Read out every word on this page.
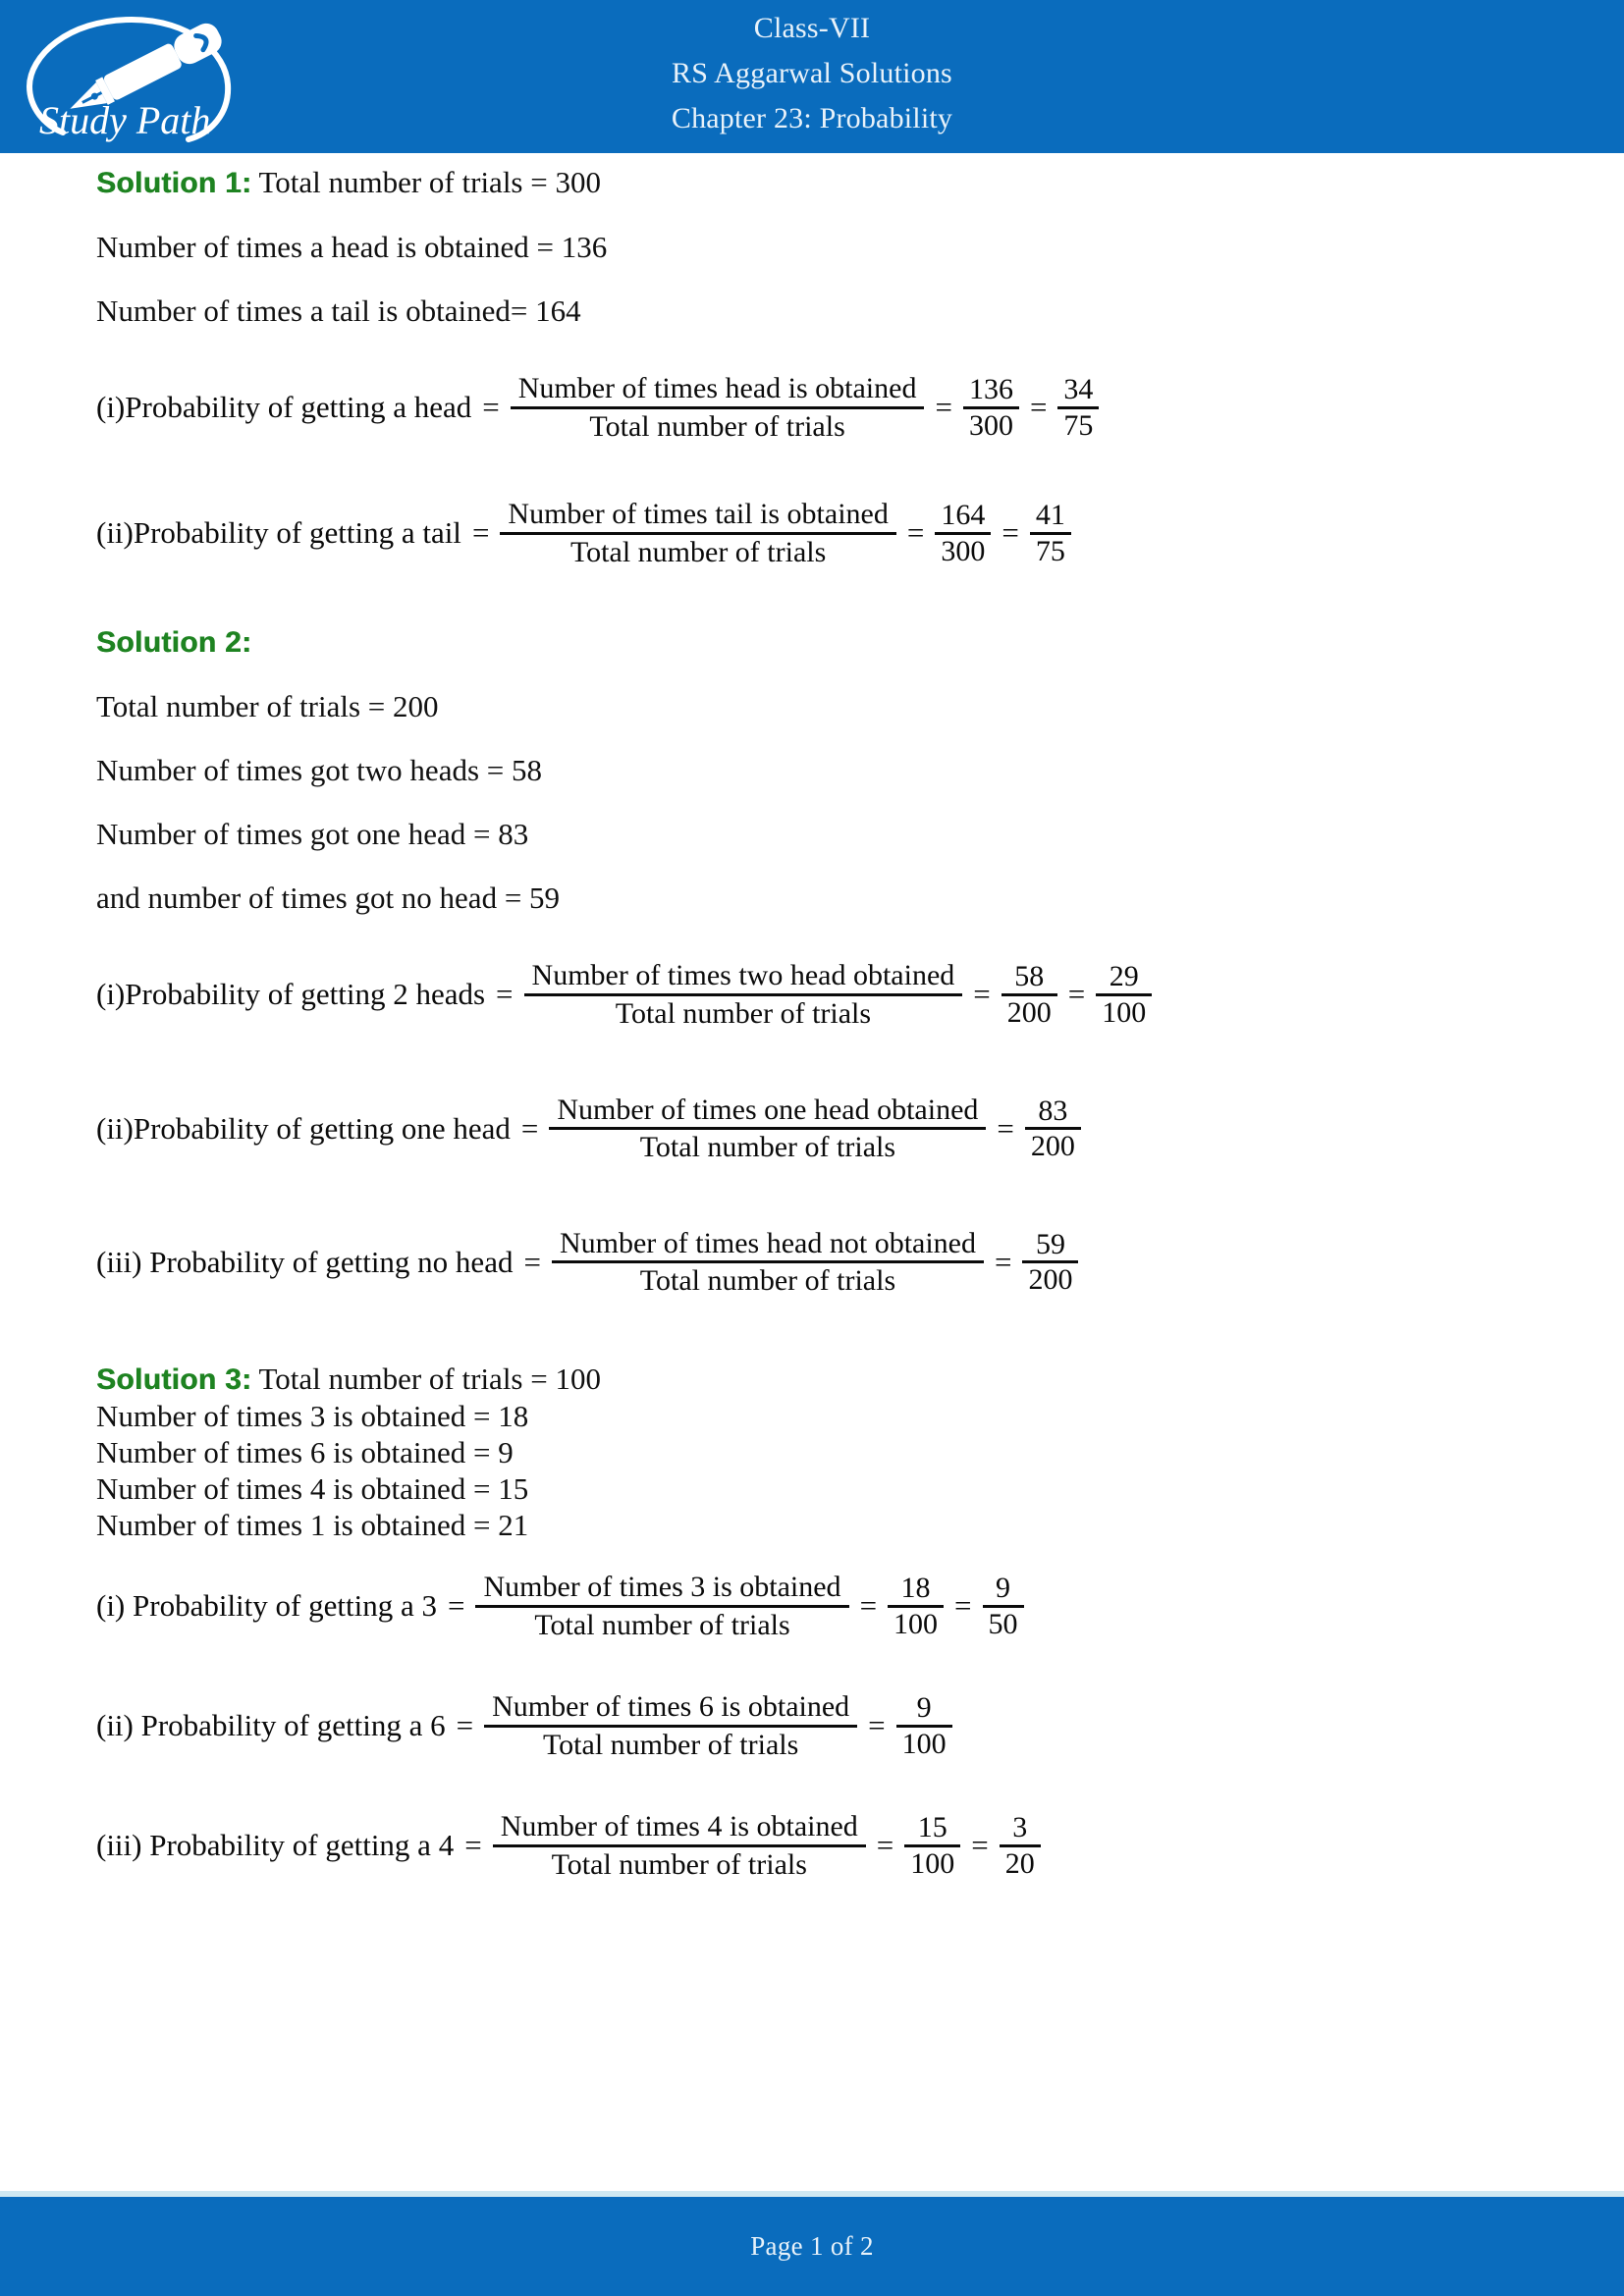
Study Path
Class-VII
RS Aggarwal Solutions
Chapter 23: Probability
Solution 1: Total number of trials = 300
Number of times a head is obtained = 136
Number of times a tail is obtained= 164
(i)Probability of getting a head = $\frac{\text{Number of times head is obtained}}{\text{Total number of trials}} = \frac{136}{300} = \frac{34}{75}$
(ii)Probability of getting a tail = $\frac{\text{Number of times tail is obtained}}{\text{Total number of trials}} = \frac{164}{300} = \frac{41}{75}$
Solution 2:
Total number of trials = 200
Number of times got two heads = 58
Number of times got one head = 83
and number of times got no head = 59
(i)Probability of getting 2 heads = $\frac{\text{Number of times two head obtained}}{\text{Total number of trials}} = \frac{58}{200} = \frac{29}{100}$
(ii)Probability of getting one head = $\frac{\text{Number of times one head obtained}}{\text{Total number of trials}} = \frac{83}{200}$
(iii) Probability of getting no head = $\frac{\text{Number of times head not obtained}}{\text{Total number of trials}} = \frac{59}{200}$
Solution 3: Total number of trials = 100
Number of times 3 is obtained = 18
Number of times 6 is obtained = 9
Number of times 4 is obtained = 15
Number of times 1 is obtained = 21
(i) Probability of getting a $3 = \frac{\text{Number of times 3 is obtained}}{\text{Total number of trials}} = \frac{18}{100} = \frac{9}{50}$
(ii) Probability of getting a $6 = \frac{\text{Number of times 6 is obtained}}{\text{Total number of trials}} = \frac{9}{100}$
(iii) Probability of getting a $4 = \frac{\text{Number of times 4 is obtained}}{\text{Total number of trials}} = \frac{15}{100} = \frac{3}{20}$
Page 1 of 2
